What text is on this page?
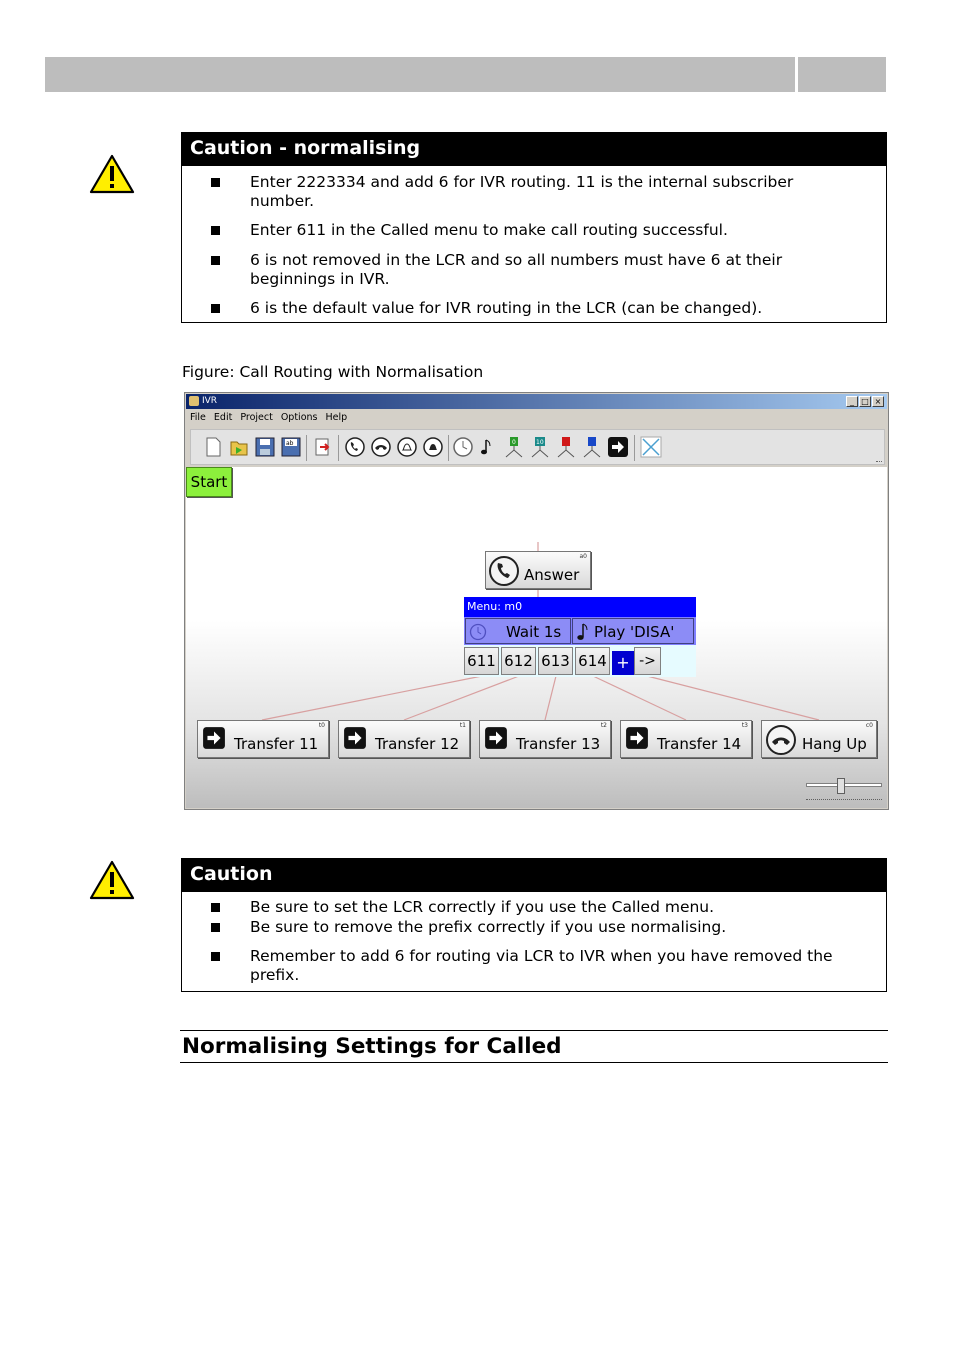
Caution - normalising
Enter 2223334 and add 6 for IVR routing. 11 is the internal subscriber number.
Enter 611 in the Called menu to make call routing successful.
6 is not removed in the LCR and so all numbers must have 6 at their beginnings in IVR.
6 is the default value for IVR routing in the LCR (can be changed).
Figure: Call Routing with Normalisation
IVR	_ □ ×
File Edit Project Options Help
ab	0	10
Start
a0
Answer
Menu: m0
Wait 1s Play 'DISA'
611 612 613 614 + ->
t0
Transfer 11
t1
Transfer 12
t2
Transfer 13
t3
Transfer 14
c0
Hang Up
Caution
Be sure to set the LCR correctly if you use the Called menu.
Be sure to remove the prefix correctly if you use normalising.
Remember to add 6 for routing via LCR to IVR when you have removed the prefix.
Normalising Settings for Called
